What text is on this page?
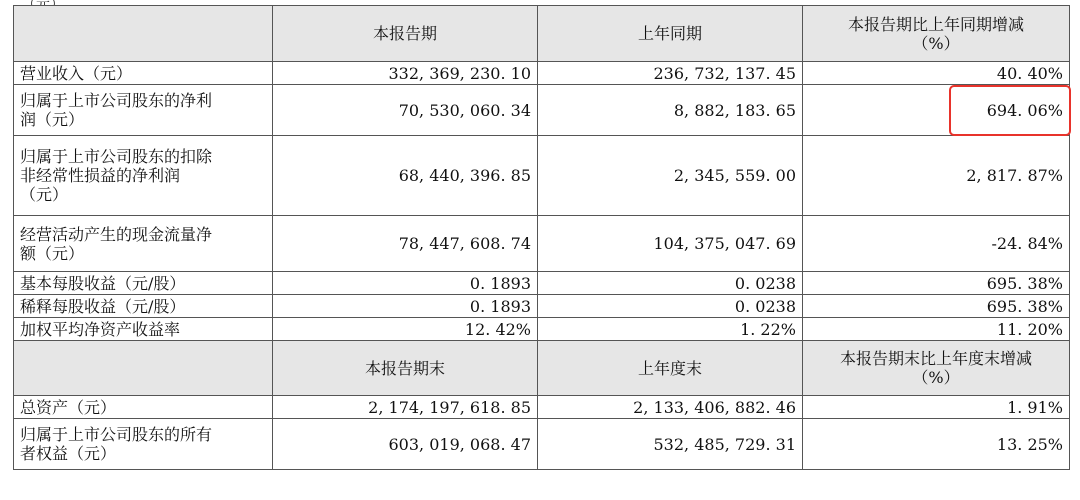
	本报告期	上年同期	本报告期比上年同期增减
（%）

营业收入（元）	332, 369, 230. 10	236, 732, 137. 45	40. 40%

归属于上市公司股东的净利
润（元）	70, 530, 060. 34	8, 882, 183. 65	694. 06%

归属于上市公司股东的扣除
非经常性损益的净利润
（元）	68, 440, 396. 85	2, 345, 559. 00	2, 817. 87%

经营活动产生的现金流量净
额（元）	78, 447, 608. 74	104, 375, 047. 69	-24. 84%

基本每股收益（元/股）	0. 1893	0. 0238	695. 38%

稀释每股收益（元/股）	0. 1893	0. 0238	695. 38%

加权平均净资产收益率	12. 42%	1. 22%	11. 20%
	本报告期末	上年度末	本报告期末比上年度末增减
（%）

总资产（元）	2, 174, 197, 618. 85	2, 133, 406, 882. 46	1. 91%

归属于上市公司股东的所有
者权益（元）	603, 019, 068. 47	532, 485, 729. 31	13. 25%
